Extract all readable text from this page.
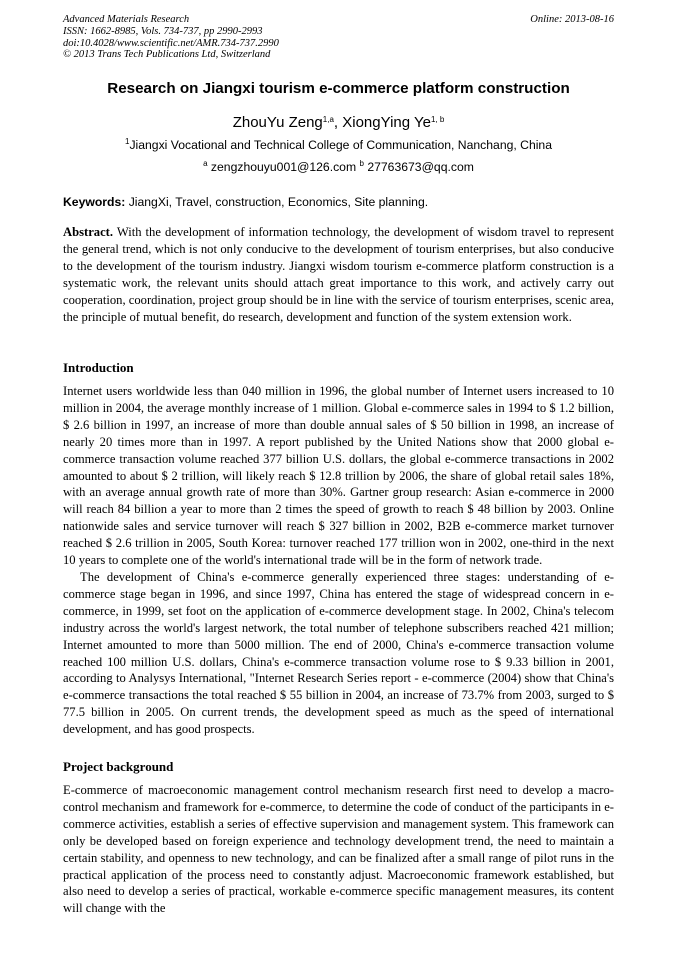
Advanced Materials Research
ISSN: 1662-8985, Vols. 734-737, pp 2990-2993
doi:10.4028/www.scientific.net/AMR.734-737.2990
© 2013 Trans Tech Publications Ltd, Switzerland
Online: 2013-08-16
Research on Jiangxi tourism e-commerce platform construction
ZhouYu Zeng$^{1,a}$, XiongYing Ye$^{1, b}$
$^1$Jiangxi Vocational and Technical College of Communication, Nanchang, China
$^a$ zengzhouyu001@126.com $^b$ 27763673@qq.com
Keywords: JiangXi, Travel, construction, Economics, Site planning.
Abstract. With the development of information technology, the development of wisdom travel to represent the general trend, which is not only conducive to the development of tourism enterprises, but also conducive to the development of the tourism industry. Jiangxi wisdom tourism e-commerce platform construction is a systematic work, the relevant units should attach great importance to this work, and actively carry out cooperation, coordination, project group should be in line with the service of tourism enterprises, scenic area, the principle of mutual benefit, do research, development and function of the system extension work.
Introduction

Internet users worldwide less than 040 million in 1996, the global number of Internet users increased to 10 million in 2004, the average monthly increase of 1 million. Global e-commerce sales in 1994 to $ 1.2 billion, $ 2.6 billion in 1997, an increase of more than double annual sales of $ 50 billion in 1998, an increase of nearly 20 times more than in 1997. A report published by the United Nations show that 2000 global e-commerce transaction volume reached 377 billion U.S. dollars, the global e-commerce transactions in 2002 amounted to about $ 2 trillion, will likely reach $ 12.8 trillion by 2006, the share of global retail sales 18%, with an average annual growth rate of more than 30%. Gartner group research: Asian e-commerce in 2000 will reach 84 billion a year to more than 2 times the speed of growth to reach $ 48 billion by 2003. Online nationwide sales and service turnover will reach $ 327 billion in 2002, B2B e-commerce market turnover reached $ 2.6 trillion in 2005, South Korea: turnover reached 177 trillion won in 2002, one-third in the next 10 years to complete one of the world's international trade will be in the form of network trade.

The development of China's e-commerce generally experienced three stages: understanding of e-commerce stage began in 1996, and since 1997, China has entered the stage of widespread concern in e-commerce, in 1999, set foot on the application of e-commerce development stage. In 2002, China's telecom industry across the world's largest network, the total number of telephone subscribers reached 421 million; Internet amounted to more than 5000 million. The end of 2000, China's e-commerce transaction volume reached 100 million U.S. dollars, China's e-commerce transaction volume rose to $ 9.33 billion in 2001, according to Analysys International, "Internet Research Series report - e-commerce (2004) show that China's e-commerce transactions the total reached $ 55 billion in 2004, an increase of 73.7% from 2003, surged to $ 77.5 billion in 2005. On current trends, the development speed as much as the speed of international development, and has good prospects.

Project background

E-commerce of macroeconomic management control mechanism research first need to develop a macro-control mechanism and framework for e-commerce, to determine the code of conduct of the participants in e-commerce activities, establish a series of effective supervision and management system. This framework can only be developed based on foreign experience and technology development trend, the need to maintain a certain stability, and openness to new technology, and can be finalized after a small range of pilot runs in the practical application of the process need to constantly adjust. Macroeconomic framework established, but also need to develop a series of practical, workable e-commerce specific management measures, its content will change with the
